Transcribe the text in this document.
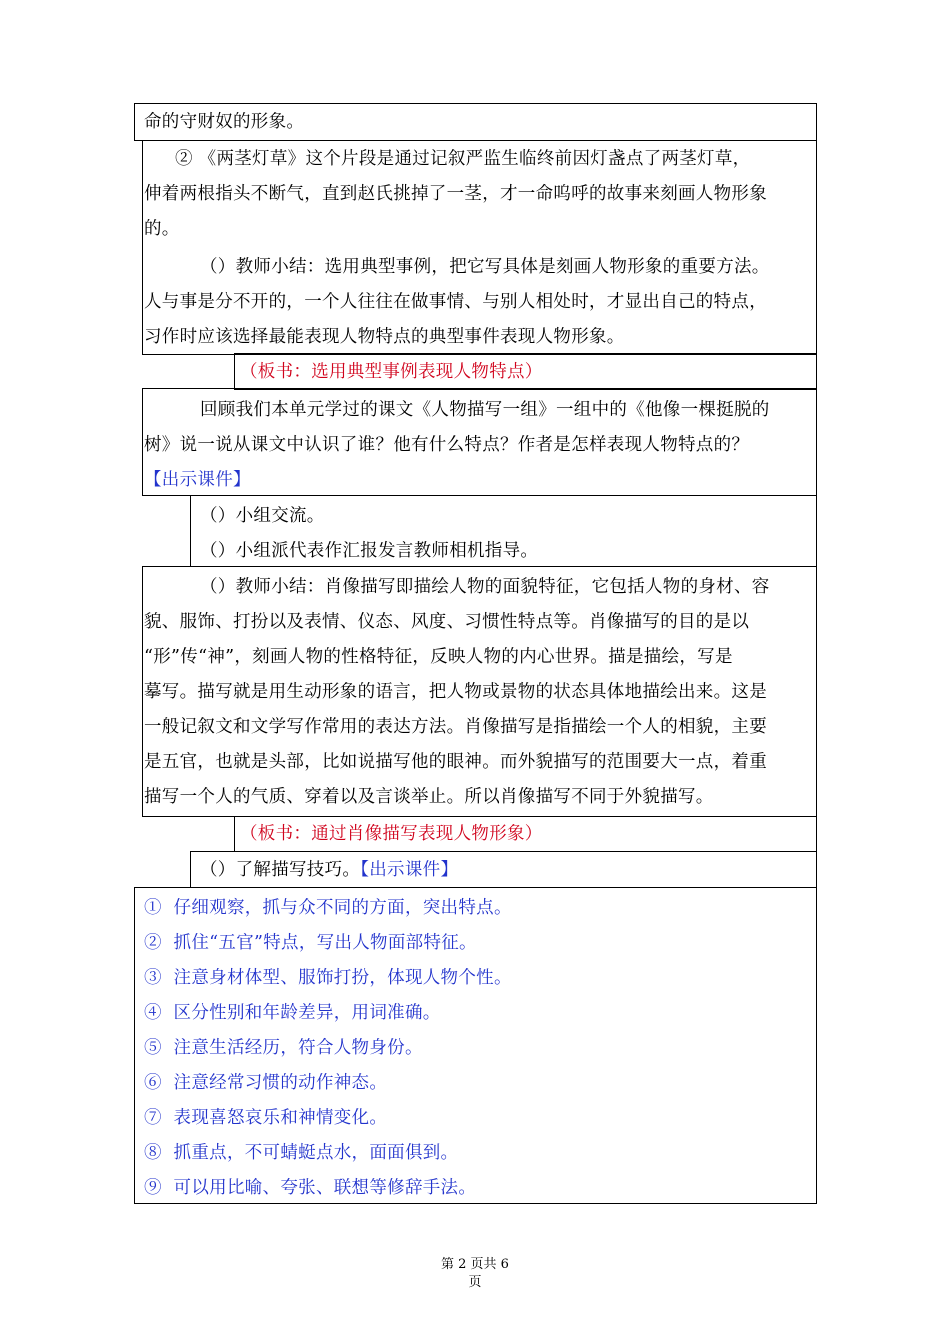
命的守财奴的形象。
② 《两茎灯草》这个片段是通过记叙严监生临终前因灯盏点了两茎灯草，
伸着两根指头不断气，直到赵氏挑掉了一茎，才一命呜呼的故事来刻画人物形象
的。
（）教师小结：选用典型事例，把它写具体是刻画人物形象的重要方法。
人与事是分不开的，一个人往往在做事情、与别人相处时，才显出自己的特点，
习作时应该选择最能表现人物特点的典型事件表现人物形象。
（板书：选用典型事例表现人物特点）
回顾我们本单元学过的课文《人物描写一组》一组中的《他像一棵挺脱的
树》说一说从课文中认识了谁？他有什么特点？作者是怎样表现人物特点的？
【出示课件】
（）小组交流。
（）小组派代表作汇报发言教师相机指导。
（）教师小结：肖像描写即描绘人物的面貌特征，它包括人物的身材、容
貌、服饰、打扮以及表情、仪态、风度、习惯性特点等。肖像描写的目的是以
“形”传“神”，刻画人物的性格特征，反映人物的内心世界。描是描绘，写是
摹写。描写就是用生动形象的语言，把人物或景物的状态具体地描绘出来。这是
一般记叙文和文学写作常用的表达方法。肖像描写是指描绘一个人的相貌，主要
是五官，也就是头部，比如说描写他的眼神。而外貌描写的范围要大一点，着重
描写一个人的气质、穿着以及言谈举止。所以肖像描写不同于外貌描写。
（板书：通过肖像描写表现人物形象）
（）了解描写技巧。【出示课件】
① 仔细观察，抓与众不同的方面，突出特点。
② 抓住“五官”特点，写出人物面部特征。
③ 注意身材体型、服饰打扮，体现人物个性。
④ 区分性别和年龄差异，用词准确。
⑤ 注意生活经历，符合人物身份。
⑥ 注意经常习惯的动作神态。
⑦ 表现喜怒哀乐和神情变化。
⑧ 抓重点，不可蜻蜓点水，面面俱到。
⑨ 可以用比喻、夸张、联想等修辞手法。
第 2 页共 6
页
